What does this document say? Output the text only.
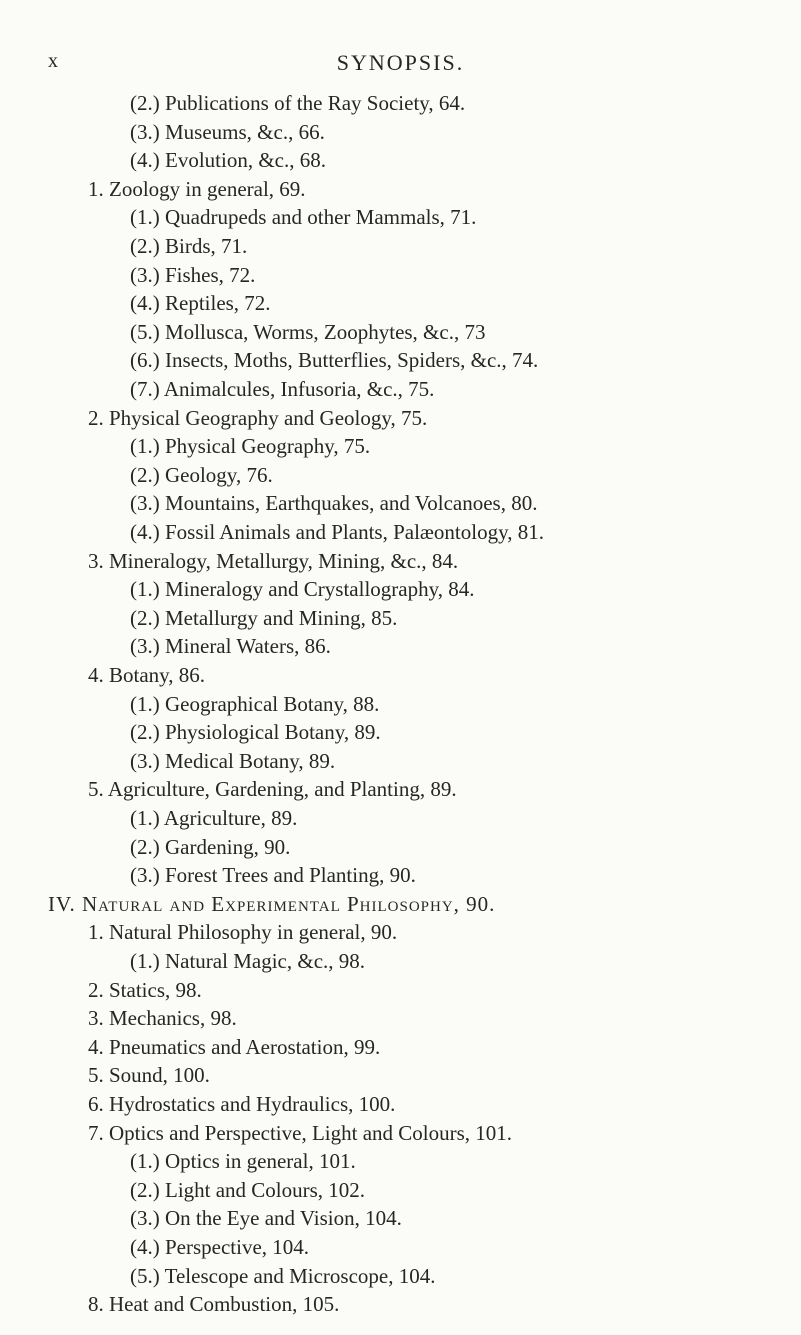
x	SYNOPSIS.
(2.) Publications of the Ray Society, 64.
(3.) Museums, &c., 66.
(4.) Evolution, &c., 68.
1. Zoology in general, 69.
(1.) Quadrupeds and other Mammals, 71.
(2.) Birds, 71.
(3.) Fishes, 72.
(4.) Reptiles, 72.
(5.) Mollusca, Worms, Zoophytes, &c., 73
(6.) Insects, Moths, Butterflies, Spiders, &c., 74.
(7.) Animalcules, Infusoria, &c., 75.
2. Physical Geography and Geology, 75.
(1.) Physical Geography, 75.
(2.) Geology, 76.
(3.) Mountains, Earthquakes, and Volcanoes, 80.
(4.) Fossil Animals and Plants, Palæontology, 81.
3. Mineralogy, Metallurgy, Mining, &c., 84.
(1.) Mineralogy and Crystallography, 84.
(2.) Metallurgy and Mining, 85.
(3.) Mineral Waters, 86.
4. Botany, 86.
(1.) Geographical Botany, 88.
(2.) Physiological Botany, 89.
(3.) Medical Botany, 89.
5. Agriculture, Gardening, and Planting, 89.
(1.) Agriculture, 89.
(2.) Gardening, 90.
(3.) Forest Trees and Planting, 90.
IV. Natural and Experimental Philosophy, 90.
1. Natural Philosophy in general, 90.
(1.) Natural Magic, &c., 98.
2. Statics, 98.
3. Mechanics, 98.
4. Pneumatics and Aerostation, 99.
5. Sound, 100.
6. Hydrostatics and Hydraulics, 100.
7. Optics and Perspective, Light and Colours, 101.
(1.) Optics in general, 101.
(2.) Light and Colours, 102.
(3.) On the Eye and Vision, 104.
(4.) Perspective, 104.
(5.) Telescope and Microscope, 104.
8. Heat and Combustion, 105.
